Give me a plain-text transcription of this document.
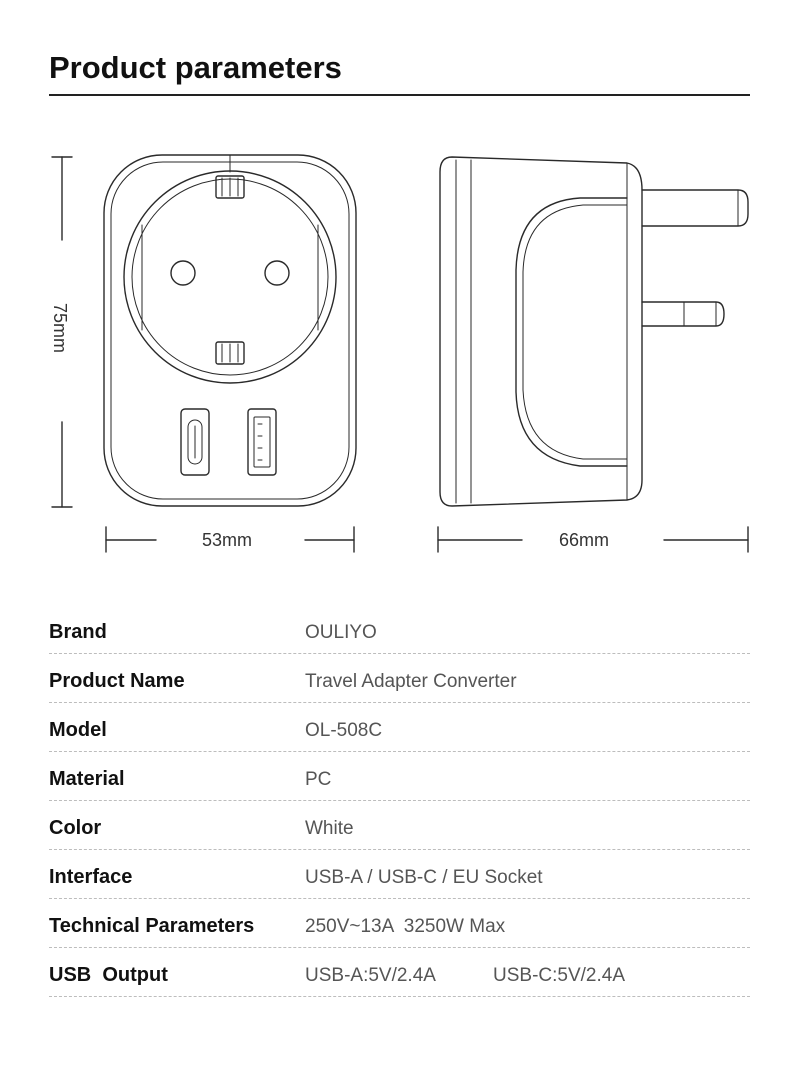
Product parameters
75mm
53mm	66mm
Brand	OULIYO
Product Name	Travel Adapter Converter
Model	OL-508C
Material	PC
Color	White
Interface	USB-A / USB-C / EU Socket
Technical Parameters	250V~13A  3250W Max
USB  Output	USB-A:5V/2.4A	USB-C:5V/2.4A
